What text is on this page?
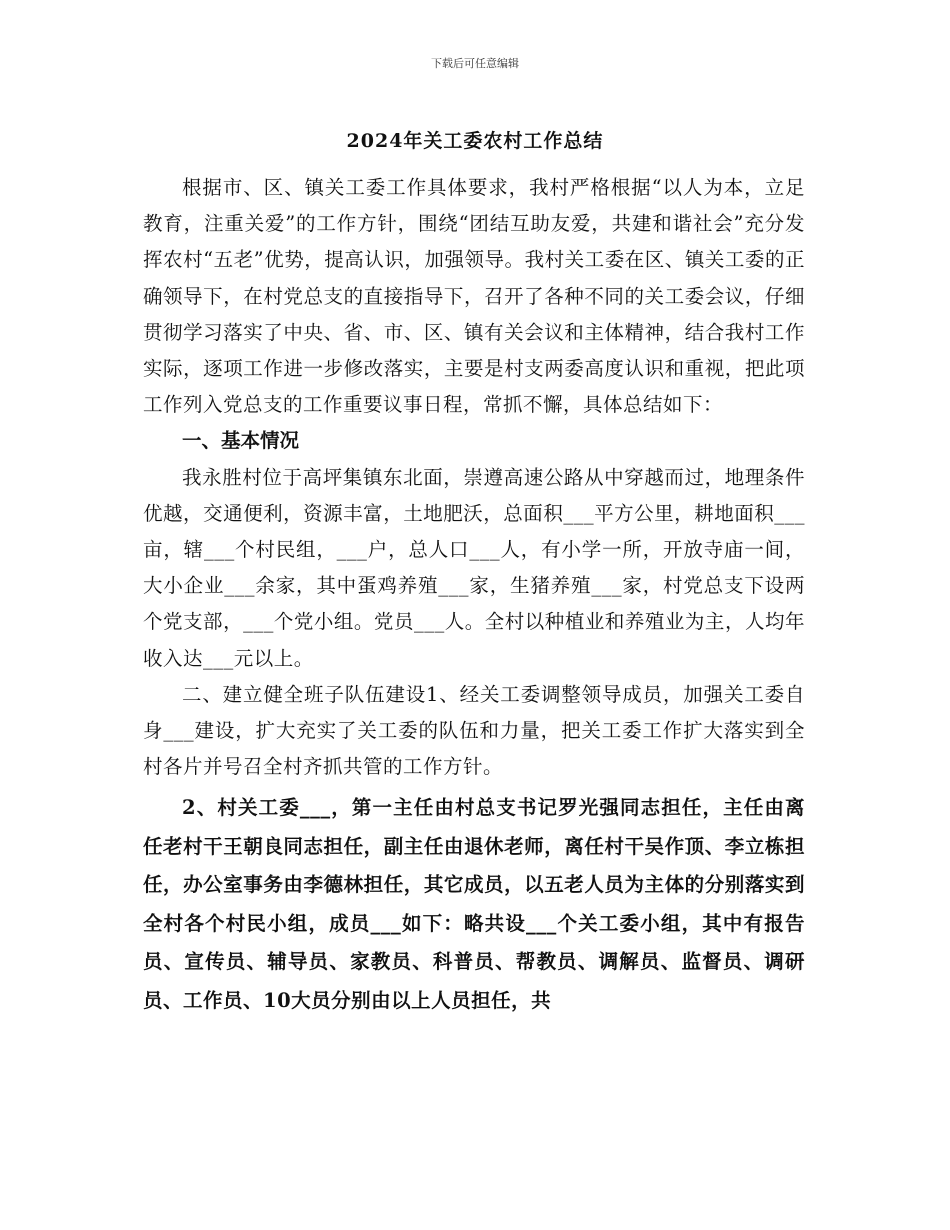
下载后可任意编辑
2024年关工委农村工作总结

根据市、区、镇关工委工作具体要求，我村严格根据“以人为本，立足教育，注重关爱”的工作方针，围绕“团结互助友爱，共建和谐社会”充分发挥农村“五老”优势，提高认识，加强领导。我村关工委在区、镇关工委的正确领导下，在村党总支的直接指导下，召开了各种不同的关工委会议，仔细贯彻学习落实了中央、省、市、区、镇有关会议和主体精神，结合我村工作实际，逐项工作进一步修改落实，主要是村支两委高度认识和重视，把此项工作列入党总支的工作重要议事日程，常抓不懈，具体总结如下：

一、基本情况

我永胜村位于高坪集镇东北面，崇遵高速公路从中穿越而过，地理条件优越，交通便利，资源丰富，土地肥沃，总面积___平方公里，耕地面积___亩，辖___个村民组，___户，总人口___人，有小学一所，开放寺庙一间，大小企业___余家，其中蛋鸡养殖___家，生猪养殖___家，村党总支下设两个党支部，___个党小组。党员___人。全村以种植业和养殖业为主，人均年收入达___元以上。

二、建立健全班子队伍建设1、经关工委调整领导成员，加强关工委自身___建设，扩大充实了关工委的队伍和力量，把关工委工作扩大落实到全村各片并号召全村齐抓共管的工作方针。

2、村关工委___，第一主任由村总支书记罗光强同志担任，主任由离任老村干王朝良同志担任，副主任由退休老师，离任村干吴作顶、李立栋担任，办公室事务由李德林担任，其它成员，以五老人员为主体的分别落实到全村各个村民小组，成员___如下：略共设___个关工委小组，其中有报告员、宣传员、辅导员、家教员、科普员、帮教员、调解员、监督员、调研员、工作员、10大员分别由以上人员担任，共
